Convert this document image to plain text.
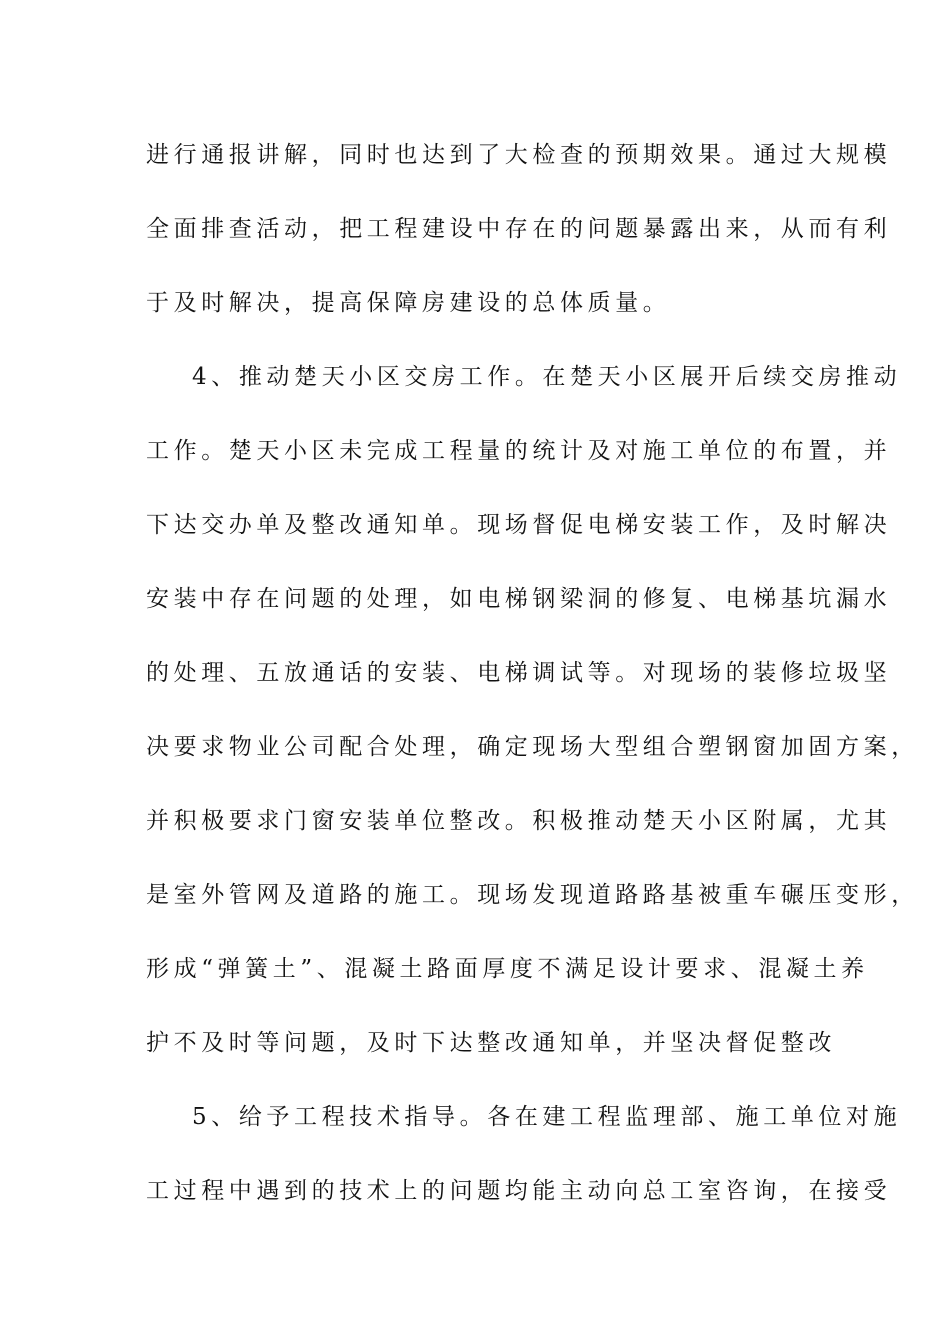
进行通报讲解，同时也达到了大检查的预期效果。通过大规模
全面排查活动，把工程建设中存在的问题暴露出来，从而有利
于及时解决，提高保障房建设的总体质量。
4、推动楚天小区交房工作。在楚天小区展开后续交房推动
工作。楚天小区未完成工程量的统计及对施工单位的布置，并
下达交办单及整改通知单。现场督促电梯安装工作，及时解决
安装中存在问题的处理，如电梯钢梁洞的修复、电梯基坑漏水
的处理、五放通话的安装、电梯调试等。对现场的装修垃圾坚
决要求物业公司配合处理，确定现场大型组合塑钢窗加固方案，
并积极要求门窗安装单位整改。积极推动楚天小区附属，尤其
是室外管网及道路的施工。现场发现道路路基被重车碾压变形，
形成“弹簧土”、混凝土路面厚度不满足设计要求、混凝土养
护不及时等问题，及时下达整改通知单，并坚决督促整改
5、给予工程技术指导。各在建工程监理部、施工单位对施
工过程中遇到的技术上的问题均能主动向总工室咨询，在接受
